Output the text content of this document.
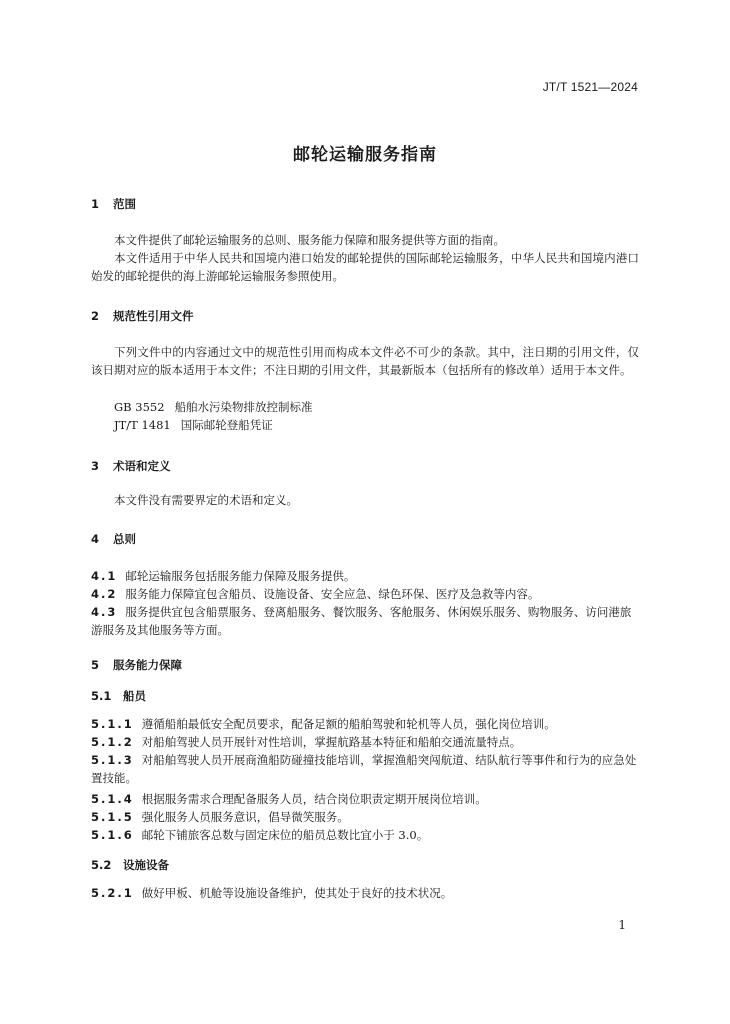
JT/T 1521—2024
邮轮运输服务指南
1 范围
本文件提供了邮轮运输服务的总则、服务能力保障和服务提供等方面的指南。
本文件适用于中华人民共和国境内港口始发的邮轮提供的国际邮轮运输服务，中华人民共和国境内港口始发的邮轮提供的海上游邮轮运输服务参照使用。
2 规范性引用文件
下列文件中的内容通过文中的规范性引用而构成本文件必不可少的条款。其中，注日期的引用文件，仅该日期对应的版本适用于本文件；不注日期的引用文件，其最新版本（包括所有的修改单）适用于本文件。
GB 3552 船舶水污染物排放控制标准
JT/T 1481 国际邮轮登船凭证
3 术语和定义
本文件没有需要界定的术语和定义。
4 总则
4.1 邮轮运输服务包括服务能力保障及服务提供。
4.2 服务能力保障宜包含船员、设施设备、安全应急、绿色环保、医疗及急救等内容。
4.3 服务提供宜包含船票服务、登离船服务、餐饮服务、客舱服务、休闲娱乐服务、购物服务、访问港旅游服务及其他服务等方面。
5 服务能力保障
5.1 船员
5.1.1 遵循船舶最低安全配员要求，配备足额的船舶驾驶和轮机等人员，强化岗位培训。
5.1.2 对船舶驾驶人员开展针对性培训，掌握航路基本特征和船舶交通流量特点。
5.1.3 对船舶驾驶人员开展商渔船防碰撞技能培训，掌握渔船突闯航道、结队航行等事件和行为的应急处置技能。
5.1.4 根据服务需求合理配备服务人员，结合岗位职责定期开展岗位培训。
5.1.5 强化服务人员服务意识，倡导微笑服务。
5.1.6 邮轮下铺旅客总数与固定床位的船员总数比宜小于 3.0。
5.2 设施设备
5.2.1 做好甲板、机舱等设施设备维护，使其处于良好的技术状况。
1
